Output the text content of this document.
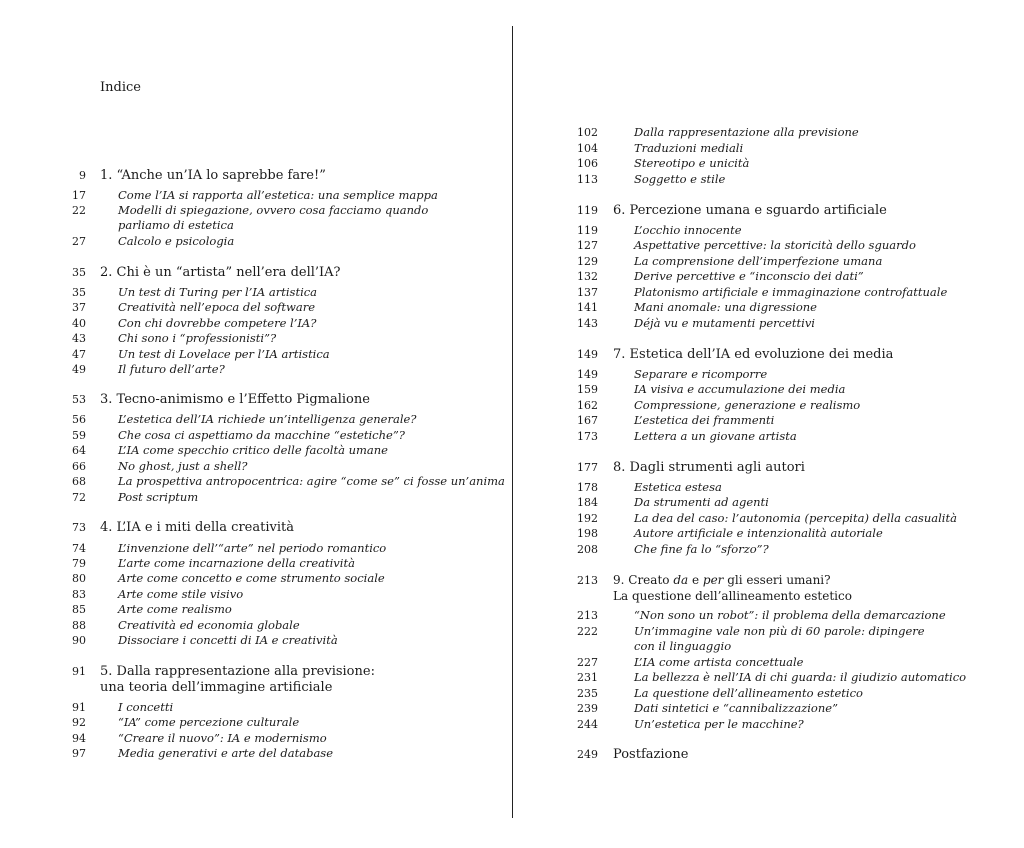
Indice
9 1. “Anche un’IA lo saprebbe fare!”
17	Come l’IA si rapporta all’estetica: una semplice mappa
22	Modelli di spiegazione, ovvero cosa facciamo quando
parliamo di estetica
27	Calcolo e psicologia
35 2. Chi è un “artista” nell’era dell’IA?
35	Un test di Turing per l’IA artistica
37	Creatività nell’epoca del software
40	Con chi dovrebbe competere l’IA?
43	Chi sono i “professionisti”?
47	Un test di Lovelace per l’IA artistica
49	Il futuro dell’arte?
53 3. Tecno-animismo e l’Effetto Pigmalione
56	L’estetica dell’IA richiede un’intelligenza generale?
59	Che cosa ci aspettiamo da macchine “estetiche”?
64	L’IA come specchio critico delle facoltà umane
66	No ghost, just a shell?
68	La prospettiva antropocentrica: agire “come se” ci fosse un’anima
72	Post scriptum
73 4. L’IA e i miti della creatività
74	L’invenzione dell’“arte” nel periodo romantico
79	L’arte come incarnazione della creatività
80	Arte come concetto e come strumento sociale
83	Arte come stile visivo
85	Arte come realismo
88	Creatività ed economia globale
90	Dissociare i concetti di IA e creatività
91 5. Dalla rappresentazione alla previsione:
una teoria dell’immagine artificiale
91	I concetti
92	“IA” come percezione culturale
94	“Creare il nuovo”: IA e modernismo
97	Media generativi e arte del database
102	Dalla rappresentazione alla previsione
104	Traduzioni mediali
106	Stereotipo e unicità
113	Soggetto e stile
119 6. Percezione umana e sguardo artificiale
119	L’occhio innocente
127	Aspettative percettive: la storicità dello sguardo
129	La comprensione dell’imperfezione umana
132	Derive percettive e “inconscio dei dati”
137	Platonismo artificiale e immaginazione controfattuale
141	Mani anomale: una digressione
143	Déjà vu e mutamenti percettivi
149 7. Estetica dell’IA ed evoluzione dei media
149	Separare e ricomporre
159	IA visiva e accumulazione dei media
162	Compressione, generazione e realismo
167	L’estetica dei frammenti
173	Lettera a un giovane artista
177 8. Dagli strumenti agli autori
178	Estetica estesa
184	Da strumenti ad agenti
192	La dea del caso: l’autonomia (percepita) della casualità
198	Autore artificiale e intenzionalità autoriale
208	Che fine fa lo “sforzo”?
213 9. Creato da e per gli esseri umani?
La questione dell’allineamento estetico
213	“Non sono un robot”: il problema della demarcazione
222	Un’immagine vale non più di 60 parole: dipingere
con il linguaggio
227	L’IA come artista concettuale
231	La bellezza è nell’IA di chi guarda: il giudizio automatico
235	La questione dell’allineamento estetico
239	Dati sintetici e “cannibalizzazione”
244	Un’estetica per le macchine?
249 Postfazione
